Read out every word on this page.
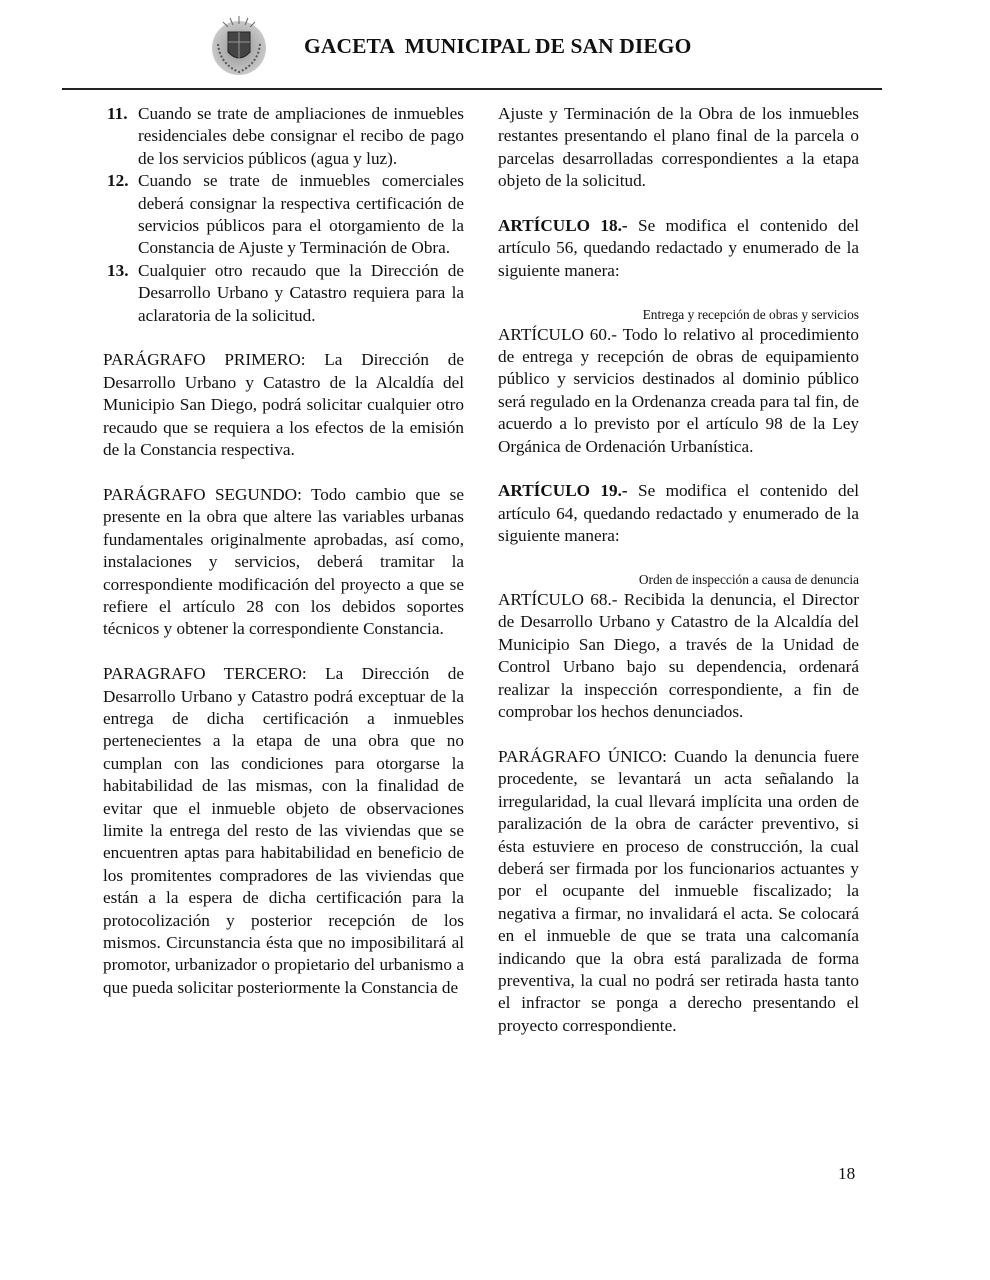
GACETA  MUNICIPAL DE SAN DIEGO
11. Cuando se trate de ampliaciones de inmuebles residenciales debe consignar el recibo de pago de los servicios públicos (agua y luz).

12. Cuando se trate de inmuebles comerciales deberá consignar la respectiva certificación de servicios públicos para el otorgamiento de la Constancia de Ajuste y Terminación de Obra.

13. Cualquier otro recaudo que la Dirección de Desarrollo Urbano y Catastro requiera para la aclaratoria de la solicitud.

PARÁGRAFO PRIMERO: La Dirección de Desarrollo Urbano y Catastro de la Alcaldía del Municipio San Diego, podrá solicitar cualquier otro recaudo que se requiera a los efectos de la emisión de la Constancia respectiva.

PARÁGRAFO SEGUNDO: Todo cambio que se presente en la obra que altere las variables urbanas fundamentales originalmente aprobadas, así como, instalaciones y servicios, deberá tramitar la correspondiente modificación del proyecto a que se refiere el artículo 28 con los debidos soportes técnicos y obtener la correspondiente Constancia.

PARAGRAFO TERCERO: La Dirección de Desarrollo Urbano y Catastro podrá exceptuar de la entrega de dicha certificación a inmuebles pertenecientes a la etapa de una obra que no cumplan con las condiciones para otorgarse la habitabilidad de las mismas, con la finalidad de evitar que el inmueble objeto de observaciones limite la entrega del resto de las viviendas que se encuentren aptas para habitabilidad en beneficio de los promitentes compradores de las viviendas que están a la espera de dicha certificación para la protocolización y posterior recepción de los mismos. Circunstancia ésta que no imposibilitará al promotor, urbanizador o propietario del urbanismo a que pueda solicitar posteriormente la Constancia de

Ajuste y Terminación de la Obra de los inmuebles restantes presentando el plano final de la parcela o parcelas desarrolladas correspondientes a la etapa objeto de la solicitud.

ARTÍCULO 18.- Se modifica el contenido del artículo 56, quedando redactado y enumerado de la siguiente manera:

Entrega y recepción de obras y servicios

ARTÍCULO 60.- Todo lo relativo al procedimiento de entrega y recepción de obras de equipamiento público y servicios destinados al dominio público será regulado en la Ordenanza creada para tal fin, de acuerdo a lo previsto por el artículo 98 de la Ley Orgánica de Ordenación Urbanística.

ARTÍCULO 19.- Se modifica el contenido del artículo 64, quedando redactado y enumerado de la siguiente manera:

Orden de inspección a causa de denuncia

ARTÍCULO 68.- Recibida la denuncia, el Director de Desarrollo Urbano y Catastro de la Alcaldía del Municipio San Diego, a través de la Unidad de Control Urbano bajo su dependencia, ordenará realizar la inspección correspondiente, a fin de comprobar los hechos denunciados.

PARÁGRAFO ÚNICO: Cuando la denuncia fuere procedente, se levantará un acta señalando la irregularidad, la cual llevará implícita una orden de paralización de la obra de carácter preventivo, si ésta estuviere en proceso de construcción, la cual deberá ser firmada por los funcionarios actuantes y por el ocupante del inmueble fiscalizado; la negativa a firmar, no invalidará el acta. Se colocará en el inmueble de que se trata una calcomanía indicando que la obra está paralizada de forma preventiva, la cual no podrá ser retirada hasta tanto el infractor se ponga a derecho presentando el proyecto correspondiente.

18
